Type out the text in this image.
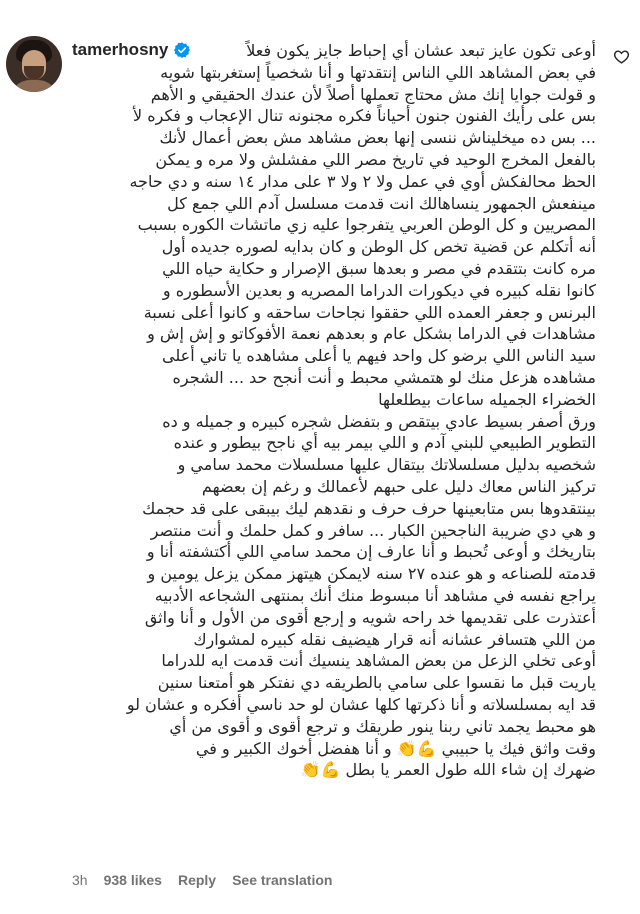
tamerhosny	أوعى تكون عايز تبعد عشان أي إحباط جايز يكون فعلاً
في بعض المشاهد اللي الناس إنتقدتها و أنا شخصياً إستغربتها شويه
و قولت جوايا إنك مش محتاج تعملها أصلاً لأن عندك الحقيقي و الأهم
بس على رأيك الفنون جنون أحياناً فكره مجنونه تنال الإعجاب و فكره لأ
... بس ده ميخليناش ننسى إنها بعض مشاهد مش بعض أعمال لأنك
بالفعل المخرج الوحيد في تاريخ مصر اللي مفشلش ولا مره و يمكن
الحظ محالفكش أوي في عمل ولا ٢ ولا ٣ على مدار ١٤ سنه و دي حاجه
مينفعش الجمهور ينساهالك انت قدمت مسلسل آدم اللي جمع كل
المصريين و كل الوطن العربي يتفرجوا عليه زي ماتشات الكوره بسبب
أنه أتكلم عن قضية تخص كل الوطن و كان بدايه لصوره جديده أول
مره كانت بتتقدم في مصر و بعدها سبق الإصرار و حكاية حياه اللي
كانوا نقله كبيره في ديكورات الدراما المصريه و بعدين الأسطوره و
البرنس و جعفر العمده اللي حققوا نجاحات ساحقه و كانوا أعلى نسبة
مشاهدات في الدراما بشكل عام و بعدهم نعمة الأفوكاتو و إش إش و
سيد الناس اللي برضو كل واحد فيهم يا أعلى مشاهده يا تاني أعلى
مشاهده هزعل منك لو هتمشي محبط و أنت أنجح حد ... الشجره
الخضراء الجميله ساعات بيطلعلها
ورق أصفر بسيط عادي بيتقص و بتفضل شجره كبيره و جميله و ده
التطوير الطبيعي للبني آدم و اللي بيمر بيه أي ناجح بيطور و عنده
شخصيه بدليل مسلسلاتك بيتقال عليها مسلسلات محمد سامي و
تركيز الناس معاك دليل على حبهم لأعمالك و رغم إن بعضهم
بينتقدوها بس متابعينها حرف حرف و نقدهم ليك بيبقى على قد حجمك
و هي دي ضريبة الناجحين الكبار ... سافر و كمل حلمك و أنت منتصر
بتاريخك و أوعى تُحبط و أنا عارف إن محمد سامي اللي أكتشفته أنا و
قدمته للصناعه و هو عنده ٢٧ سنه لايمكن هيتهز ممكن يزعل يومين و
يراجع نفسه في مشاهد أنا مبسوط منك أنك بمنتهى الشجاعه الأدبيه
أعتذرت على تقديمها خد راحه شويه و إرجع أقوى من الأول و أنا واثق
من اللي هتسافر عشانه أنه قرار هيضيف نقله كبيره لمشوارك
أوعى تخلي الزعل من بعض المشاهد ينسيك أنت قدمت ايه للدراما
ياريت قبل ما نقسوا على سامي بالطريقه دي نفتكر هو أمتعنا سنين
قد ايه بمسلسلاته و أنا ذكرتها كلها عشان لو حد ناسي أفكره و عشان لو
هو محبط يجمد تاني ربنا ينور طريقك و ترجع أقوى و أقوى من أي
وقت واثق فيك يا حبيبي 💪👏 و أنا هفضل أخوك الكبير و في
ضهرك إن شاء الله طول العمر يا بطل 💪👏
3h 938 likes Reply See translation
